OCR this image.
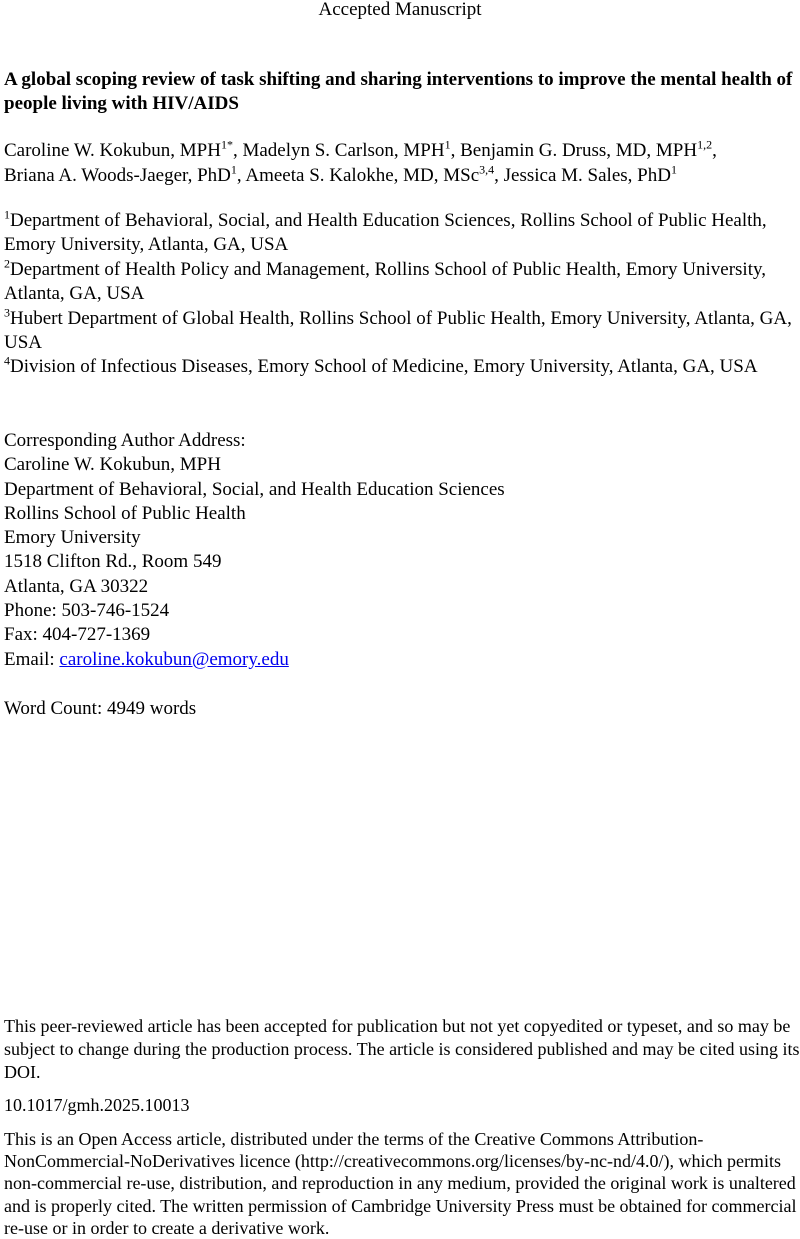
Accepted Manuscript
A global scoping review of task shifting and sharing interventions to improve the mental health of people living with HIV/AIDS
Caroline W. Kokubun, $MPH^{1*}$, Madelyn S. Carlson, MPH$^1$, Benjamin G. Druss, MD, MPH$^{1,2}$,
Briana A. Woods-Jaeger, PhD$^1$, Ameeta S. Kalokhe, MD, MSc$^{3,4}$, Jessica M. Sales, PhD$^1$
$^1$Department of Behavioral, Social, and Health Education Sciences, Rollins School of Public Health, Emory University, Atlanta, GA, USA
$^2$Department of Health Policy and Management, Rollins School of Public Health, Emory University, Atlanta, GA, USA
$^3$Hubert Department of Global Health, Rollins School of Public Health, Emory University, Atlanta, GA, USA
$^4$Division of Infectious Diseases, Emory School of Medicine, Emory University, Atlanta, GA, USA
Corresponding Author Address:
Caroline W. Kokubun, MPH
Department of Behavioral, Social, and Health Education Sciences
Rollins School of Public Health
Emory University
1518 Clifton Rd., Room 549
Atlanta, GA 30322
Phone: 503-746-1524
Fax: 404-727-1369
Email: caroline.kokubun@emory.edu
Word Count: 4949 words
This peer-reviewed article has been accepted for publication but not yet copyedited or typeset, and so may be subject to change during the production process. The article is considered published and may be cited using its DOI.
10.1017/gmh.2025.10013
This is an Open Access article, distributed under the terms of the Creative Commons Attribution-NonCommercial-NoDerivatives licence (http://creativecommons.org/licenses/by-nc-nd/4.0/), which permits non-commercial re-use, distribution, and reproduction in any medium, provided the original work is unaltered and is properly cited. The written permission of Cambridge University Press must be obtained for commercial re-use or in order to create a derivative work.
